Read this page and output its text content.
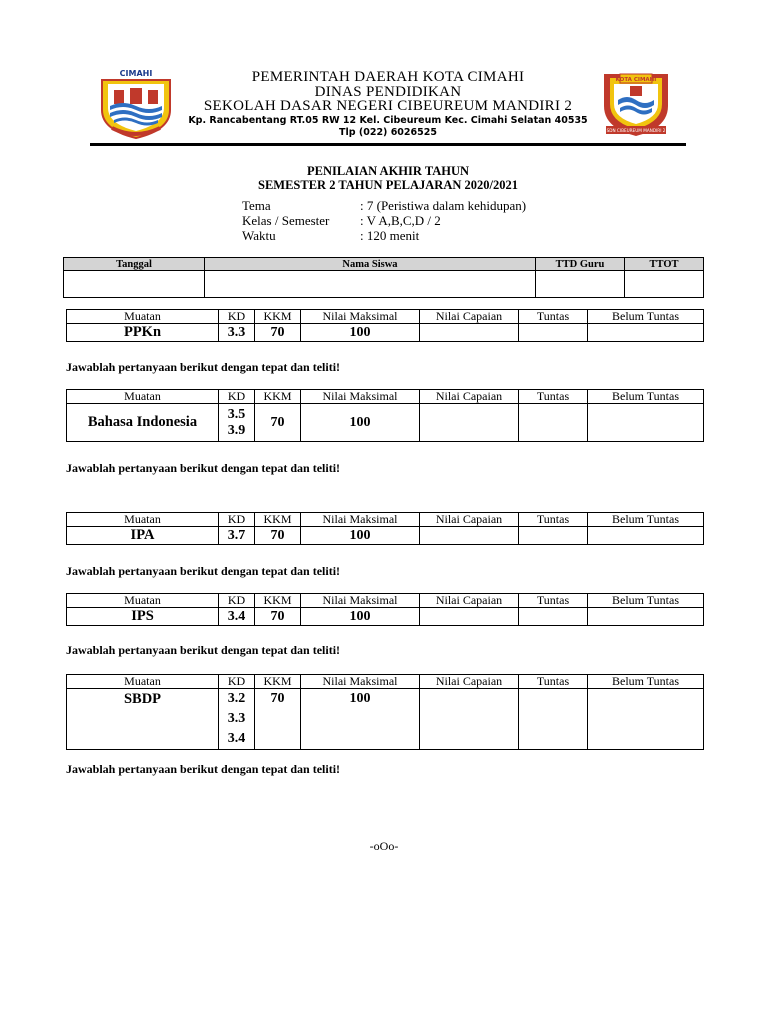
CIMAHI
KOTA CIMAHI
SDN CIBEUREUM MANDIRI 2
PEMERINTAH DAERAH KOTA CIMAHI
DINAS PENDIDIKAN
SEKOLAH DASAR NEGERI CIBEUREUM MANDIRI 2
Kp. Rancabentang RT.05 RW 12 Kel. Cibeureum Kec. Cimahi Selatan 40535
Tlp (022) 6026525
PENILAIAN AKHIR TAHUN
SEMESTER 2 TAHUN PELAJARAN 2020/2021
Tema	: 7 (Peristiwa dalam kehidupan)
Kelas / Semester : V A,B,C,D / 2
Waktu	: 120 menit
Tanggal	Nama Siswa	TTD Guru	TTOT

Muatan	KD	KKM	Nilai Maksimal	Nilai Capaian	Tuntas	Belum Tuntas
PPKn	3.3	70	100			
Jawablah pertanyaan berikut dengan tepat dan teliti!
Muatan	KD	KKM	Nilai Maksimal	Nilai Capaian	Tuntas	Belum Tuntas
Bahasa Indonesia	3.5
3.9	70	100			
Jawablah pertanyaan berikut dengan tepat dan teliti!
Muatan	KD	KKM	Nilai Maksimal	Nilai Capaian	Tuntas	Belum Tuntas
IPA	3.7	70	100			
Jawablah pertanyaan berikut dengan tepat dan teliti!
Muatan	KD	KKM	Nilai Maksimal	Nilai Capaian	Tuntas	Belum Tuntas
IPS	3.4	70	100			
Jawablah pertanyaan berikut dengan tepat dan teliti!
Muatan	KD	KKM	Nilai Maksimal	Nilai Capaian	Tuntas	Belum Tuntas
SBDP	3.2
3.3
3.4	70	100			
Jawablah pertanyaan berikut dengan tepat dan teliti!
-oOo-
